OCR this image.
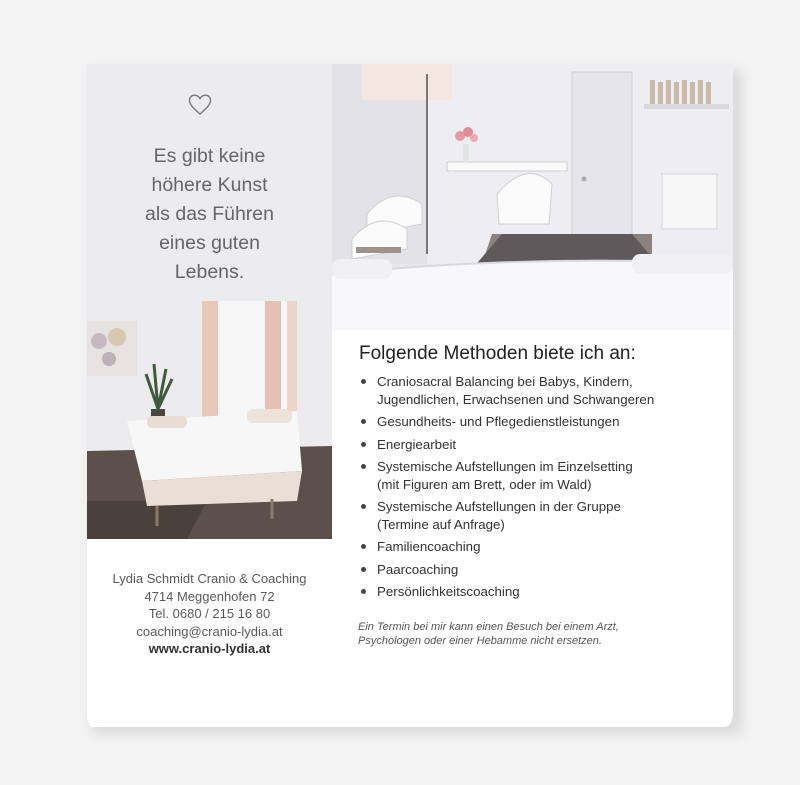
Es gibt keine
höhere Kunst
als das Führen
eines guten
Lebens.
Lydia Schmidt Cranio & Coaching
4714 Meggenhofen 72
Tel. 0680 / 215 16 80
coaching@cranio-lydia.at
www.cranio-lydia.at
Folgende Methoden biete ich an:
Craniosacral Balancing bei Babys, Kindern,
Jugendlichen, Erwachsenen und Schwangeren
Gesundheits- und Pflegedienstleistungen
Energiearbeit
Systemische Aufstellungen im Einzelsetting
(mit Figuren am Brett, oder im Wald)
Systemische Aufstellungen in der Gruppe
(Termine auf Anfrage)
Familiencoaching
Paarcoaching
Persönlichkeitscoaching
Ein Termin bei mir kann einen Besuch bei einem Arzt,
Psychologen oder einer Hebamme nicht ersetzen.
